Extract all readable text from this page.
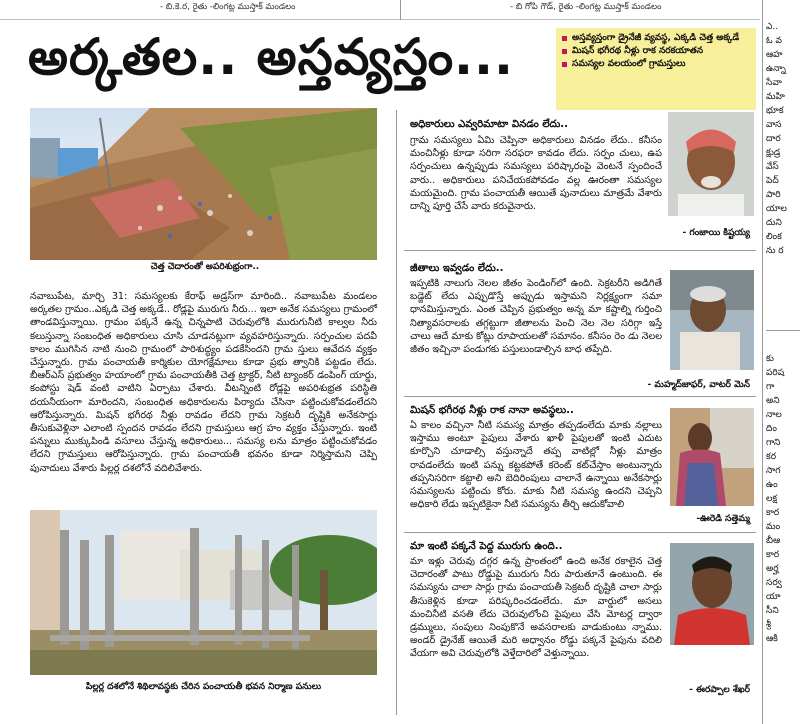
- బి.కె.ర, రైతు -లింగట్ల ముస్తాక్ మండలం	- బి గోపి గౌడ్, రైతు -లింగట్ల ముస్తాక్ మండలం
అర్కతల.. అస్తవ్యస్తం...	అస్తవ్యస్తంగా డ్రైనేజీ వ్యవస్థ, ఎక్కడి చెత్త అక్కడే
మిషన్ భగీరథ నీళ్లు రాక నరకయాతన
సమస్యల వలయంలో గ్రామస్తులు
చెత్త చెదారంతో అపరిశుభ్రంగా..
నవాబుపేట, మార్చి 31: సమస్యలకు కేరాఫ్ అడ్రస్‌గా మారింది.. నవాబుపేట మండలం అర్కతల గ్రామం..ఎక్కడి చెత్త అక్కడే.. రోడ్లపై మురుగు నీరు... ఇలా అనేక సమస్యలు గ్రామంలో తాండవిస్తున్నాయి. గ్రామం పక్కనే ఉన్న చిన్నపాటి చెరువులోకి మురుగునీటి కాల్వల నీరు కలుస్తున్నా సంబంధిత అధికారులు చూసి చూడనట్లుగా వ్యవహరిస్తున్నారు. సర్పంచుల పదవీ కాలం ముగిసిన నాటి నుంచి గ్రామంలో పారిశుద్ధ్యం పడకేసిందని గ్రామ స్తులు ఆవేదన వ్యక్తం చేస్తున్నారు. గ్రామ పంచాయతీ కార్మికుల యోగక్షేమాలు కూడా ప్రభు త్వానికి పట్టడం లేదు. బీఆర్ఎస్ ప్రభుత్వం హయాంలో గ్రామ పంచాయతీకి చెత్త ట్రాక్టర్, నీటి ట్యాంకర్ డంపింగ్ యార్డు, కంపోస్టు షెడ్ వంటి వాటిని ఏర్పాటు చేశారు. వీటన్నింటి రోడ్లపై అపరిశుభ్రత పరిస్థితి దయనీయంగా మారిందని, సంబంధిత అధికారులను పిర్యాదు చేసినా పట్టించుకోవడంలేదని ఆరోపిస్తున్నారు. మిషన్ భగీరథ నీళ్లు రావడం లేదని గ్రామ సెక్రటరీ దృష్టికి అనేకసార్లు తీసుకువెళ్లినా ఎలాంటి స్పందన రావడం లేదని గ్రామస్తులు ఆగ్ర హం వ్యక్తం చేస్తున్నారు. ఇంటి పన్నులు ముక్కుపిండి వసూలు చేస్తున్న అధికారులు... సమస్య లను మాత్రం పట్టించుకోవడం లేదని గ్రామస్తులు ఆరోపిస్తున్నారు. గ్రామ పంచాయతీ భవనం కూడా నిర్మిస్తామని చెప్పి పునాదులు వేశారు పిల్లర్ల దశలోనే వదిలివేశారు.
పిల్లర్ల దశలోనే శిథిలావస్థకు చేరిన పంచాయతీ భవన నిర్మాణ పనులు
అధికారులు ఎవ్వరిమాటా వినడం లేదు..
గ్రామ సమస్యలు ఏమి చెప్పినా అధికారులు వినడం లేదు.. కనీసం మంచినీళ్లు కూడా సరిగా సరఫరా కావడం లేదు. సర్పం చులు, ఉప సర్పంచులు ఉన్నప్పుడు సమస్యలు పరిష్కారంపై వెంటనే స్పందించే వారు.. అధికారులు పనిచేయకపోవడం వల్ల ఊరంతా సమస్యల మయమైంది. గ్రామ పంచాయతీ ఆయితే పునాదులు మాత్రమే వేశారు దాన్ని పూర్తి చేసే వారు కరువైనారు.
- గంజాయి కిష్టయ్య
జీతాలు ఇవ్వడం లేదు..
ఇప్పటికి నాలుగు నెలల జీతం పెండింగ్‌లో ఉంది. సెక్రటరీని అడిగితే బడ్జెట్ లేదు ఎప్పుడొస్తే అప్పుడు ఇస్తామని నిర్లక్ష్యంగా సమా ధానమిస్తున్నారు. ఎంత చెప్పిన ప్రభుత్వం అన్న మా కష్టాల్ని గుర్తించి నిత్యావసరాలకు తగ్గట్టుగా జీతాలను పెంచి నెల నెల సరిగ్గా ఇస్తే చాలు ఆదే మాకు కోట్లు రూపాయలతో సమానం. కనీసం రెం డు నెలల జీతం ఇచ్చినా పండుగకు పస్తులుండాల్సిన బాధ తప్పేది.
- మహ్మద్‌జాఫర్, వాటర్ మెన్
మిషన్ భగీరథ నీళ్లు రాక నానా అవస్థలు..
ఏ కాలం వచ్చినా నీటి సమస్య మాత్రం తప్పడంలేదు మాకు నల్లాలు ఇస్తాము అంటూ పైపులు వేశారు ఖాళీ పైపులతో ఇంటి ఎదుట కూర్చొని చూడాల్సి వస్తున్నాదే తప్ప వాటిల్లో నీళ్లు మాత్రం రావడంలేదు ఇంటి పన్ను కట్టకపోతే కరెంట్ కట్‌చేస్తాం అంటున్నారు తప్పనిసరిగా కట్టాలి అని బెదిరింపులు చాలానే ఉన్నాయి అనేకసార్లు సమస్యలను పట్టించు కోరు. మాకు నీటి సమస్య ఉందని చెప్పని అధికారి లేడు ఇప్పటికైనా నీటి సమస్యను తీర్చి ఆదుకోవాలి
-ఊరెడి సత్తెమ్మ
మా ఇంటి పక్కనే పెద్ద మురుగు ఉంది..
మా ఇళ్లు చెరువు దగ్గర ఉన్న ప్రాంతంలో ఉంది అనేక రకాలైన చెత్త చెదారంతో పాటు రోడ్డుపై మురుగు నీరు పారుతూనే ఉంటుంది. ఈ సమస్యను చాలా సార్లు గ్రామ పంచాయతీ సెక్రటరీ దృష్టికి చాలా సార్లు తీసుకెళ్లిన కూడా పరిష్కరించడంలేదు. మా వార్డులో అసలు మంచినీటి వసతి లేదు చెరువులోంచి పైపులు వేసి మోటర్ల ద్వారా డ్రమ్ములు, సంపులు నింపుకొనే అవసరాలకు వాడుకుంటు న్నాము. అండర్ డ్రైనేజ్ ఆయితే మరి అధ్వానం రోడ్డు పక్కనే పైపును వదిలి వేయగా అవి చెరువులోకి వెళ్తేదారిలో వెళ్తున్నాయి.
- ఈరప్పాల శేఖర్
ఎ..
ఓ వ
ఆహ
ఉన్నా
సేవా
మహి
భూక
వాస
దార
క్షుడ్ర
వేస్
పెద్
పారి
యాల
దుని
లింక
ను ర
కు
పరిష
గా
అని
నాల
దిం
గాని
కర
సాగ
ఉం
లక్ష
కార
మం
బీఆ
కార
అర్హ
సర్వ
యా
సీని
శ్రీ
ఆకి
